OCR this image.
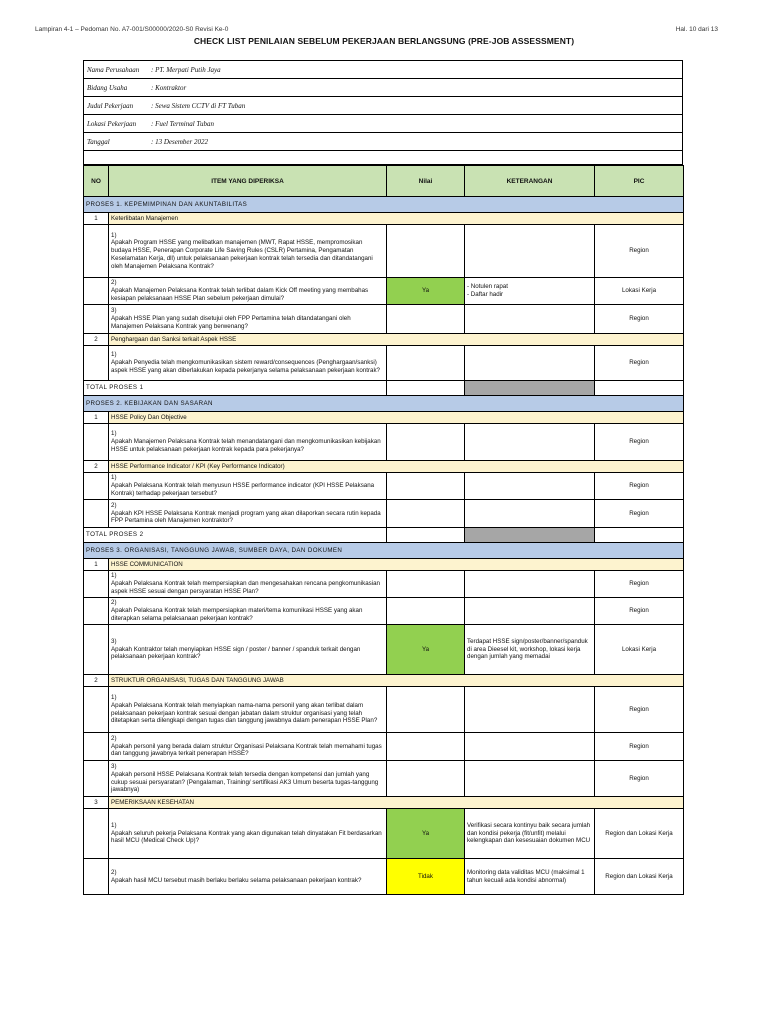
Lampiran 4-1 – Pedoman No. A7-001/S00000/2020-S0 Revisi Ke-0	Hal. 10 dari 13
CHECK LIST PENILAIAN SEBELUM PEKERJAAN BERLANGSUNG (PRE-JOB ASSESSMENT)
Nama Perusahaan : PT. Merpati Putih Jaya
Bidang Usaha	: Kontraktor
Judul Pekerjaan	: Sewa Sistem CCTV di FT Tuban
Lokasi Pekerjaan : Fuel Terminal Tuban
Tanggal	: 13 Desember 2022

NO	ITEM YANG DIPERIKSA	Nilai	KETERANGAN	PIC
PROSES 1. KEPEMIMPINAN DAN AKUNTABILITAS				
1	Keterlibatan Manajemen			
	1)
Apakah Program HSSE yang melibatkan manajemen (MWT, Rapat HSSE, mempromosikan budaya HSSE, Penerapan Corporate Life Saving Rules (CSLR) Pertamina, Pengamatan Keselamatan Kerja, dll) untuk pelaksanaan pekerjaan kontrak telah tersedia dan ditandatangani oleh Manajemen Pelaksana Kontrak?			Region
	2)
Apakah Manajemen Pelaksana Kontrak telah terlibat dalam Kick Off meeting yang membahas kesiapan pelaksanaan HSSE Plan sebelum pekerjaan dimulai?	Ya	- Notulen rapat
- Daftar hadir	Lokasi Kerja
	3)
Apakah HSSE Plan yang sudah disetujui oleh FPP Pertamina telah ditandatangani oleh Manajemen Pelaksana Kontrak yang berwenang?			Region
2	Penghargaan dan Sanksi terkait Aspek HSSE			
	1)
Apakah Penyedia telah mengkomunikasikan sistem reward/consequences (Penghargaan/sanksi) aspek HSSE yang akan diberlakukan kepada pekerjanya selama pelaksanaan pekerjaan kontrak?			Region
TOTAL PROSES 1				
PROSES 2. KEBIJAKAN DAN SASARAN				
1	HSSE Policy Dan Objective			
	1)
Apakah Manajemen Pelaksana Kontrak telah menandatangani dan mengkomunikasikan kebijakan HSSE untuk pelaksanaan pekerjaan kontrak kepada para pekerjanya?			Region
2	HSSE Performance Indicator / KPI (Key Performance Indicator)			
	1)
Apakah Pelaksana Kontrak telah menyusun HSSE performance indicator (KPI HSSE Pelaksana Kontrak) terhadap pekerjaan tersebut?			Region
	2)
Apakah KPI HSSE Pelaksana Kontrak menjadi program yang akan dilaporkan secara rutin kepada FPP Pertamina oleh Manajemen kontraktor?			Region
TOTAL PROSES 2				
PROSES 3. ORGANISASI, TANGGUNG JAWAB, SUMBER DAYA, DAN DOKUMEN				
1	HSSE COMMUNICATION			
	1)
Apakah Pelaksana Kontrak telah mempersiapkan dan mengesahakan rencana pengkomunikasian aspek HSSE sesuai dengan persyaratan HSSE Plan?			Region
	2)
Apakah Pelaksana Kontrak telah mempersiapkan materi/tema komunikasi HSSE yang akan diterapkan selama pelaksanaan pekerjaan kontrak?			Region
	3)
Apakah Kontraktor telah menyiapkan HSSE sign / poster / banner / spanduk terkait dengan pelaksanaan pekerjaan kontrak?	Ya	Terdapat HSSE sign/poster/banner/spanduk di area Dieesel kit, workshop, lokasi kerja dengan jumlah yang memadai	Lokasi Kerja
2	STRUKTUR ORGANISASI, TUGAS DAN TANGGUNG JAWAB			
	1)
Apakah Pelaksana Kontrak telah menyiapkan nama-nama personil yang akan terlibat dalam pelaksanaan pekerjaan kontrak sesuai dengan jabatan dalam struktur organisasi yang telah ditetapkan serta dilengkapi dengan tugas dan tanggung jawabnya dalam penerapan HSSE Plan?			Region
	2)
Apakah personil yang berada dalam struktur Organisasi Pelaksana Kontrak telah memahami tugas dan tanggung jawabnya terkait penerapan HSSE?			Region
	3)
Apakah personil HSSE Pelaksana Kontrak telah tersedia dengan kompetensi dan jumlah yang cukup sesuai persyaratan? (Pengalaman, Training/ sertifikasi AK3 Umum beserta tugas-tanggung jawabnya)			Region
3	PEMERIKSAAN KESEHATAN			
	1)
Apakah seluruh pekerja Pelaksana Kontrak yang akan digunakan telah dinyatakan Fit berdasarkan hasil MCU (Medical Check Up)?	Ya	Verifikasi secara kontinyu baik secara jumlah dan kondisi pekerja (fit/unfit) melalui kelengkapan dan kesesuaian dokumen MCU	Region dan Lokasi Kerja
	2)
Apakah hasil MCU tersebut masih berlaku berlaku selama pelaksanaan pekerjaan kontrak?	Tidak	Monitoring data validitas MCU (maksimal 1 tahun kecuali ada kondisi abnormal)	Region dan Lokasi Kerja
